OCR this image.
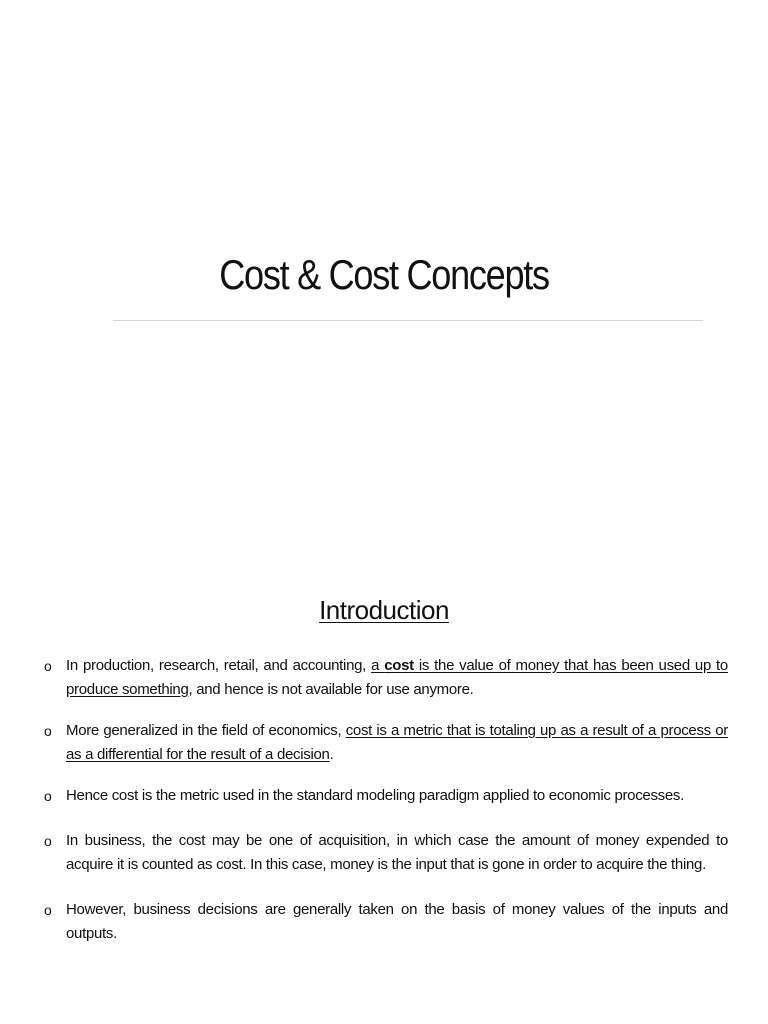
Cost & Cost Concepts
Introduction
o In production, research, retail, and accounting, a cost is the value of money that has been used up to produce something, and hence is not available for use anymore.
o More generalized in the field of economics, cost is a metric that is totaling up as a result of a process or as a differential for the result of a decision.
o Hence cost is the metric used in the standard modeling paradigm applied to economic processes.
o In business, the cost may be one of acquisition, in which case the amount of money expended to acquire it is counted as cost. In this case, money is the input that is gone in order to acquire the thing.
o However, business decisions are generally taken on the basis of money values of the inputs and outputs.
